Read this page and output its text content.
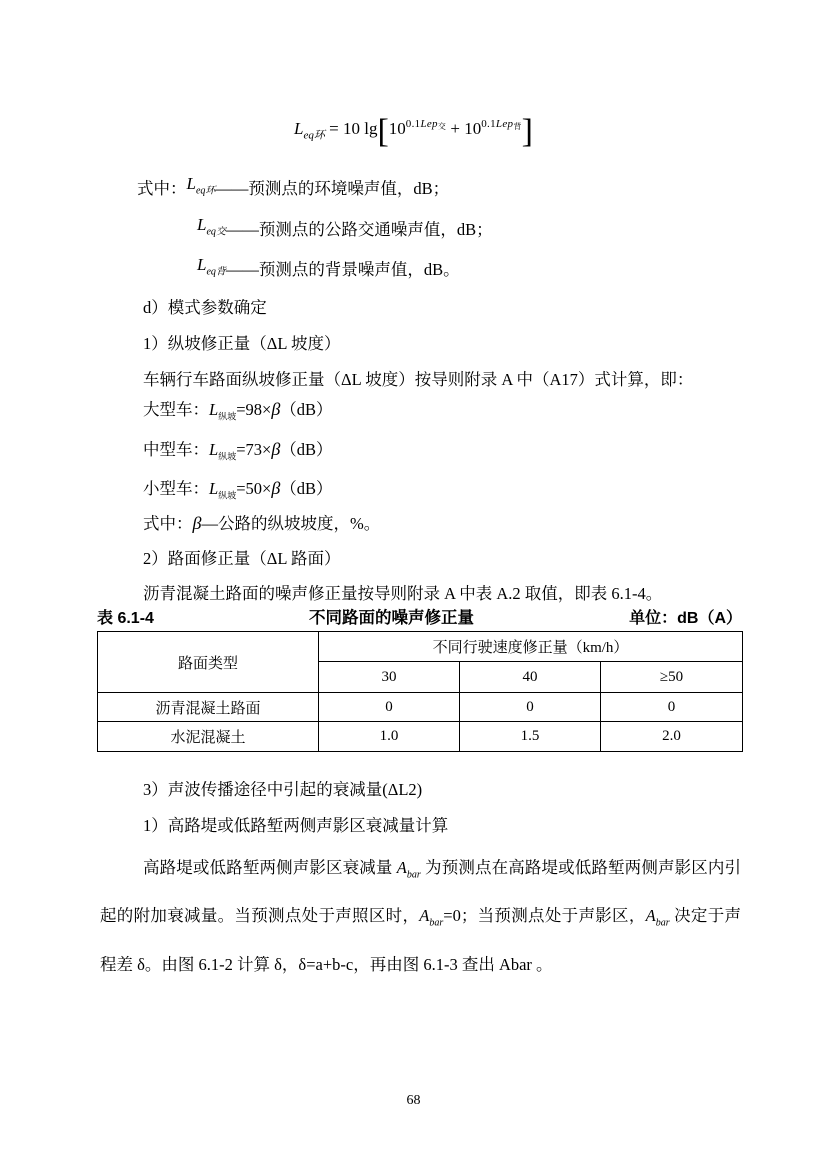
$L_{eq环} = 10$ $\lg[10^{0.1Lep_交} + 10^{0.1Lep_背}]$
式中：$L_{eq环}——$预测点的环境噪声值，dB；
$L_{eq交}——$预测点的公路交通噪声值，dB；
$L_{eq背}——$预测点的背景噪声值，dB。
d）模式参数确定
1）纵坡修正量（ΔL 坡度）
车辆行车路面纵坡修正量（ΔL 坡度）按导则附录 A 中（A17）式计算，即：
大型车：$L_{纵坡}=98\times\beta(dB)$
中型车：$L_{纵坡}=73\times\beta(dB)$
小型车：$L_{纵坡}=50\times\beta(dB)$
式中：β—公路的纵坡坡度，%。
2）路面修正量（ΔL 路面）
沥青混凝土路面的噪声修正量按导则附录 A 中表 A.2 取值，即表 6.1-4。
表 6.1-4	不同路面的噪声修正量	单位：dB（A）
路面类型	不同行驶速度修正量（km/h）		
	30	40	≥50
沥青混凝土路面	0	0	0
水泥混凝土	1.0	1.5	2.0
3）声波传播途径中引起的衰减量(ΔL2)
1）高路堤或低路堑两侧声影区衰减量计算
高路堤或低路堑两侧声影区衰减量 $A_{bar}$ 为预测点在高路堤或低路堑两侧声影区内引起的附加衰减量。当预测点处于声照区时，$A_{bar}=0$；当预测点处于声影区，$A_{bar}$ 决定于声程差 δ。由图 6.1-2 计算 δ，δ=a+b-c，再由图 6.1-3 查出 Abar 。
68
